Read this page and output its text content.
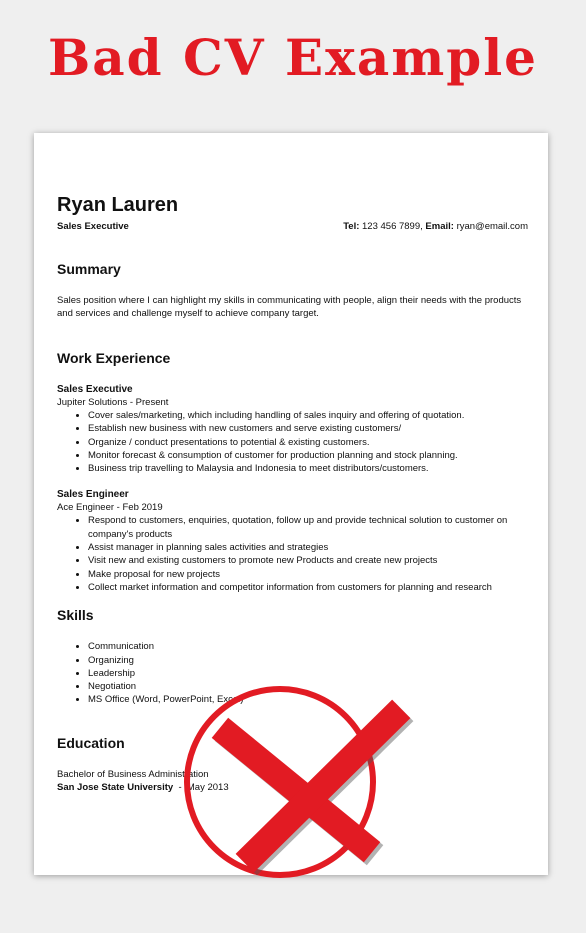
Bad CV Example
Ryan Lauren
Sales Executive	Tel: 123 456 7899, Email: ryan@email.com
Summary

Sales position where I can highlight my skills in communicating with people, align their needs with the products and services and challenge myself to achieve company target.

Work Experience

Sales Executive

Jupiter Solutions - Present

• Cover sales/marketing, which including handling of sales inquiry and offering of quotation.
• Establish new business with new customers and serve existing customers/
• Organize / conduct presentations to potential & existing customers.
• Monitor forecast & consumption of customer for production planning and stock planning.
• Business trip travelling to Malaysia and Indonesia to meet distributors/customers.

Sales Engineer

Ace Engineer - Feb 2019

• Respond to customers, enquiries, quotation, follow up and provide technical solution to customer on company's products
• Assist manager in planning sales activities and strategies
• Visit new and existing customers to promote new Products and create new projects
• Make proposal for new projects
• Collect market information and competitor information from customers for planning and research
Skills
• Communication
• Organizing
• Leadership
• Negotiation
• MS Office (Word, PowerPoint, Excel)
Education

Bachelor of Business Administration

San Jose State University  -  May 2013
